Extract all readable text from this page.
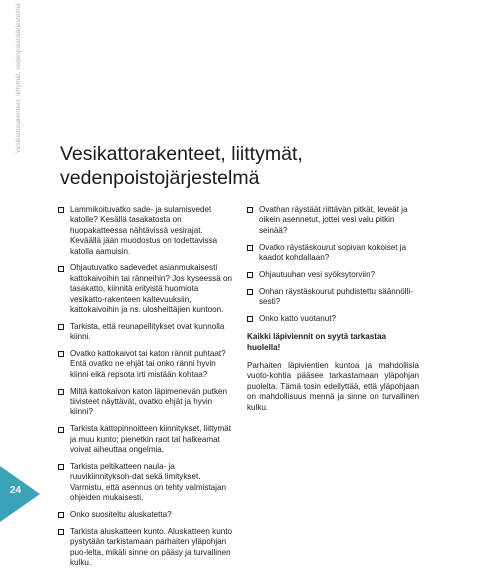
Vesikattorakenteet, liittymät, vedenpoistojärjestelmä
Vesikattorakenteet, liittymät,
vedenpoistojärjestelmä
Lammikoituvatko sade- ja sulamisvedet katolle? Kesällä tasakatosta on huopakatteessa nähtävissä vesirajat. Keväällä jään muodostus on todettavissa katolla aamuisin.
Ohjautuvatko sadevedet asianmukaisesti kattokaivoihin tai ränneihin? Jos kyseessä on tasakatto, kiinnitä erityistä huomiota vesikatto-rakenteen kaltevuuksiin, kattokaivoihin ja ns. ulosheittäjien kuntoon.
Tarkista, että reunapellitykset ovat kunnolla kiinni.
Ovatko kattokaivot tai katon rännit puhtaat? Entä ovatko ne ehjät tai onko ränni hyvin kiinni eikä repsota irti mistään kohtaa?
Miltä kattokaivon katon läpimenevän putken tiivisteet näyttävät, ovatko ehjät ja hyvin kiinni?
Tarkista kattopinnoitteen kiinnitykset, liittymät ja muu kunto; pienetkin raot tai halkeamat voivat aiheuttaa ongelmia.
Tarkista peltikatteen naula- ja ruuvikiinnityksoh-dat sekä limitykset. Varmistu, että asennus on tehty valmistajan ohjeiden mukaisesti.
Onko suositeltu aluskatetta?
Tarkista aluskatteen kunto. Aluskatteen kunto pystytään tarkistamaan parhaiten yläpohjan puo-lelta, mikäli sinne on pääsy ja turvallinen kulku.
Ovathan räystäät riittävän pitkät, leveät ja oikein asennetut, jottei vesi valu pitkin seinää?
Ovatko räystäskourut sopivan kokoiset ja kaadot kohdallaan?
Ohjautuuhan vesi syöksytorviin?
Onhan räystäskourut puhdistettu säännölli-sesti?
Onko katto vuotanut?

Kaikki läpiviennit on syytä tarkastaa huolella!

Parhaiten läpivientien kuntoa ja mahdollisia vuoto-kohtia pääsee tarkastamaan yläpohjan puolelta. Tämä tosin edellyttää, että yläpohjaan on mahdollisuus mennä ja sinne on turvallinen kulku.

24
